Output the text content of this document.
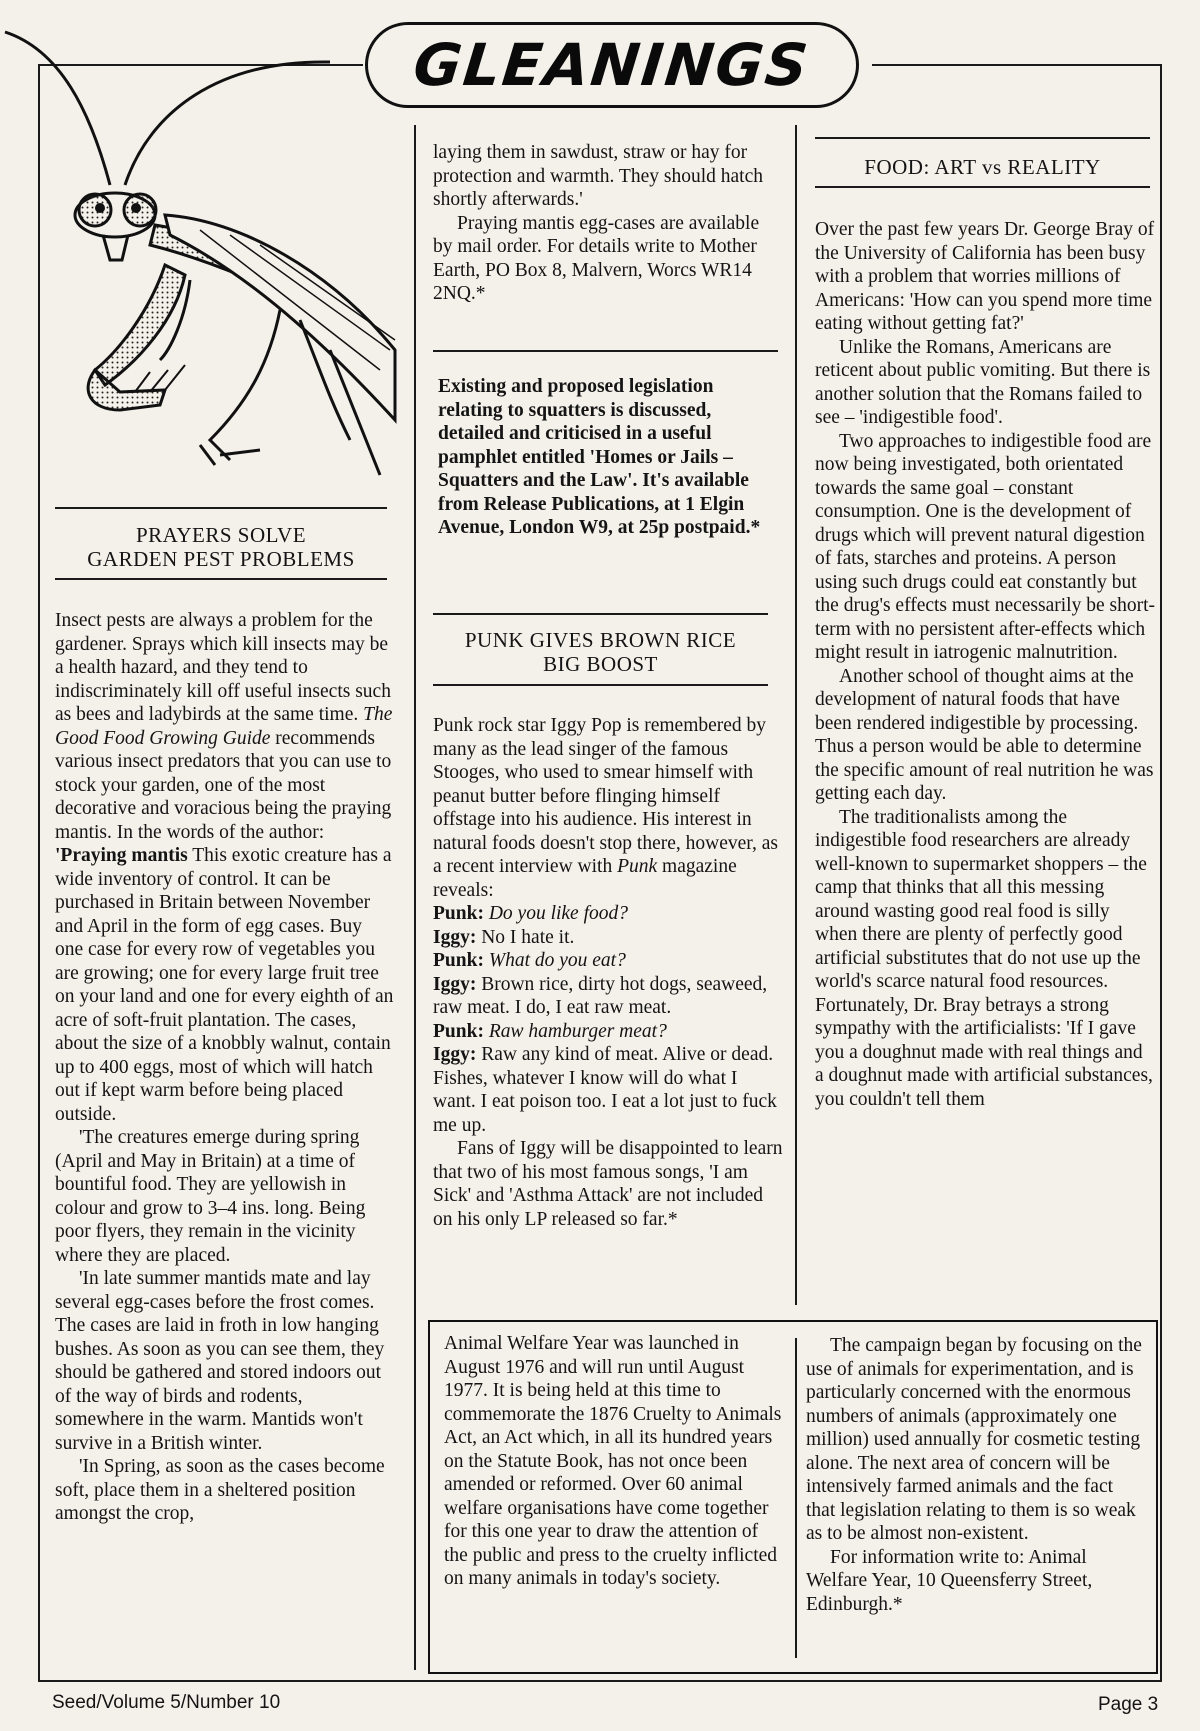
GLEANINGS
PRAYERS SOLVE
GARDEN PEST PROBLEMS

Insect pests are always a problem for the gardener. Sprays which kill insects may be a health hazard, and they tend to indiscriminately kill off useful insects such as bees and ladybirds at the same time. The Good Food Growing Guide recommends various insect predators that you can use to stock your garden, one of the most decorative and voracious being the praying mantis. In the words of the author:

'Praying mantis This exotic creature has a wide inventory of control. It can be purchased in Britain between November and April in the form of egg cases. Buy one case for every row of vegetables you are growing; one for every large fruit tree on your land and one for every eighth of an acre of soft-fruit plantation. The cases, about the size of a knobbly walnut, contain up to 400 eggs, most of which will hatch out if kept warm before being placed outside.

'The creatures emerge during spring (April and May in Britain) at a time of bountiful food. They are yellowish in colour and grow to 3–4 ins. long. Being poor flyers, they remain in the vicinity where they are placed.

'In late summer mantids mate and lay several egg-cases before the frost comes. The cases are laid in froth in low hanging bushes. As soon as you can see them, they should be gathered and stored indoors out of the way of birds and rodents, somewhere in the warm. Mantids won't survive in a British winter.

'In Spring, as soon as the cases become soft, place them in a sheltered position amongst the crop,

laying them in sawdust, straw or hay for protection and warmth. They should hatch shortly afterwards.'

Praying mantis egg-cases are available by mail order. For details write to Mother Earth, PO Box 8, Malvern, Worcs WR14 2NQ.*

Existing and proposed legislation relating to squatters is discussed, detailed and criticised in a useful pamphlet entitled 'Homes or Jails – Squatters and the Law'. It's available from Release Publications, at 1 Elgin Avenue, London W9, at 25p postpaid.*

PUNK GIVES BROWN RICE
BIG BOOST

Punk rock star Iggy Pop is remembered by many as the lead singer of the famous Stooges, who used to smear himself with peanut butter before flinging himself offstage into his audience. His interest in natural foods doesn't stop there, however, as a recent interview with Punk magazine reveals:

Punk: Do you like food?

Iggy: No I hate it.

Punk: What do you eat?

Iggy: Brown rice, dirty hot dogs, seaweed, raw meat. I do, I eat raw meat.

Punk: Raw hamburger meat?

Iggy: Raw any kind of meat. Alive or dead. Fishes, whatever I know will do what I want. I eat poison too. I eat a lot just to fuck me up.

Fans of Iggy will be disappointed to learn that two of his most famous songs, 'I am Sick' and 'Asthma Attack' are not included on his only LP released so far.*

FOOD: ART vs REALITY

Over the past few years Dr. George Bray of the University of California has been busy with a problem that worries millions of Americans: 'How can you spend more time eating without getting fat?'

Unlike the Romans, Americans are reticent about public vomiting. But there is another solution that the Romans failed to see – 'indigestible food'.

Two approaches to indigestible food are now being investigated, both orientated towards the same goal – constant consumption. One is the development of drugs which will prevent natural digestion of fats, starches and proteins. A person using such drugs could eat constantly but the drug's effects must necessarily be short-term with no persistent after-effects which might result in iatrogenic malnutrition.

Another school of thought aims at the development of natural foods that have been rendered indigestible by processing. Thus a person would be able to determine the specific amount of real nutrition he was getting each day.

The traditionalists among the indigestible food researchers are already well-known to supermarket shoppers – the camp that thinks that all this messing around wasting good real food is silly when there are plenty of perfectly good artificial substitutes that do not use up the world's scarce natural food resources. Fortunately, Dr. Bray betrays a strong sympathy with the artificialists: 'If I gave you a doughnut made with real things and a doughnut made with artificial substances, you couldn't tell them

Animal Welfare Year was launched in August 1976 and will run until August 1977. It is being held at this time to commemorate the 1876 Cruelty to Animals Act, an Act which, in all its hundred years on the Statute Book, has not once been amended or reformed. Over 60 animal welfare organisations have come together for this one year to draw the attention of the public and press to the cruelty inflicted on many animals in today's society.

The campaign began by focusing on the use of animals for experimentation, and is particularly concerned with the enormous numbers of animals (approximately one million) used annually for cosmetic testing alone. The next area of concern will be intensively farmed animals and the fact that legislation relating to them is so weak as to be almost non-existent.

For information write to: Animal Welfare Year, 10 Queensferry Street, Edinburgh.*

Seed/Volume 5/Number 10	Page 3
